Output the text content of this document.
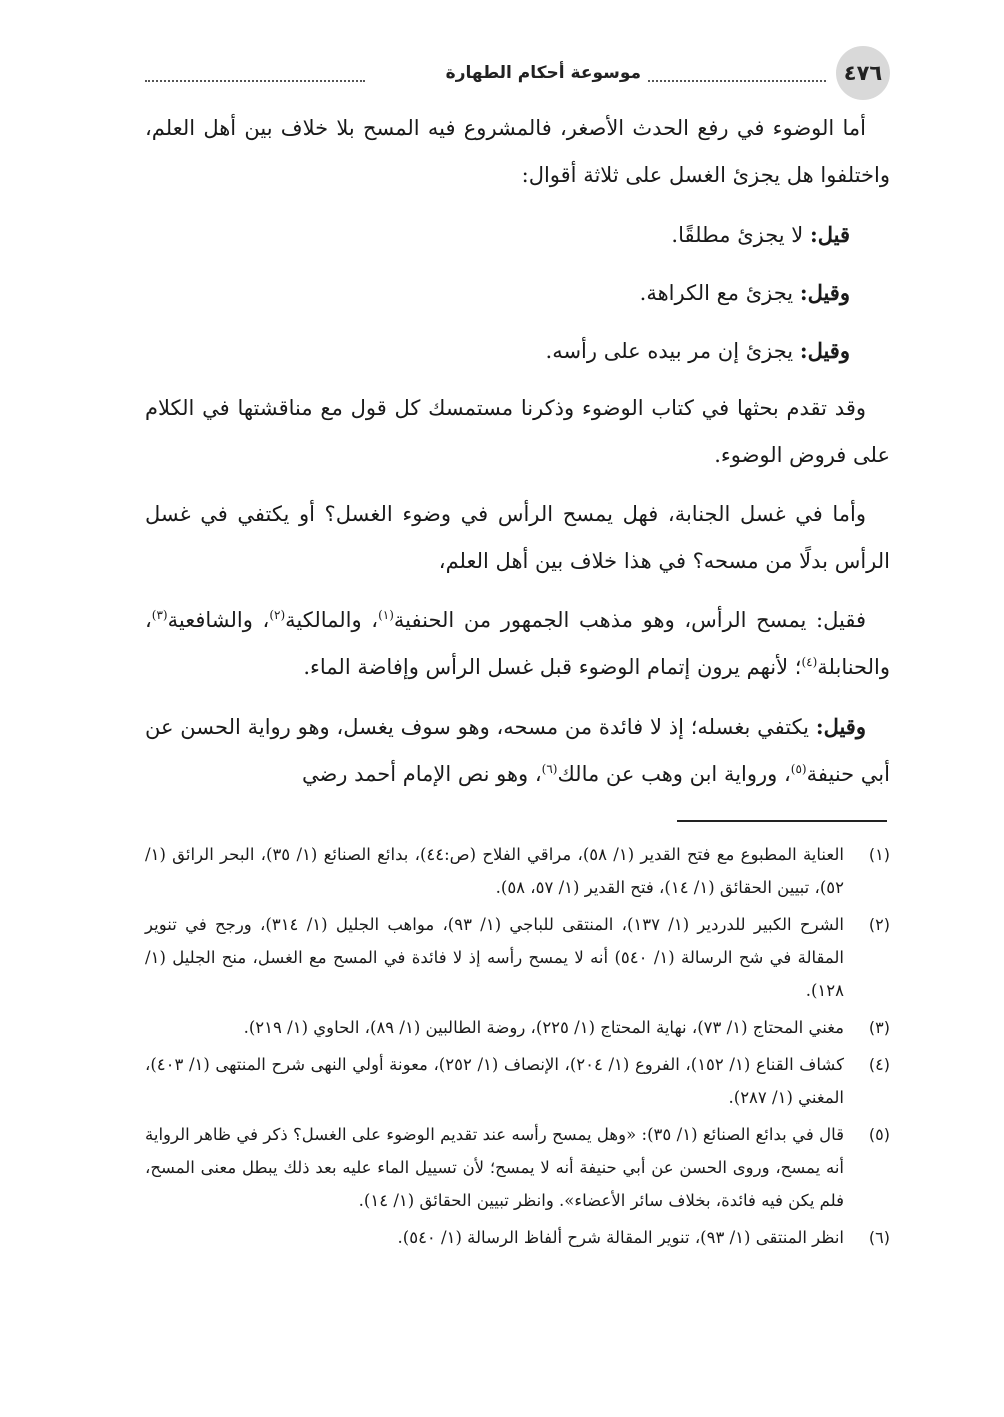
٤٧٦
موسوعة أحكام الطهارة

أما الوضوء في رفع الحدث الأصغر، فالمشروع فيه المسح بلا خلاف بين أهل العلم، واختلفوا هل يجزئ الغسل على ثلاثة أقوال:

قيل: لا يجزئ مطلقًا.

وقيل: يجزئ مع الكراهة.

وقيل: يجزئ إن مر بيده على رأسه.

وقد تقدم بحثها في كتاب الوضوء وذكرنا مستمسك كل قول مع مناقشتها في الكلام على فروض الوضوء.

وأما في غسل الجنابة، فهل يمسح الرأس في وضوء الغسل؟ أو يكتفي في غسل الرأس بدلًا من مسحه؟ في هذا خلاف بين أهل العلم،

فقيل: يمسح الرأس، وهو مذهب الجمهور من الحنفية$^{(١)}$، والمالكية$^{(٢)}$، والشافعية$^{(٣)}$، والحنابلة$^{(٤)}$؛ لأنهم يرون إتمام الوضوء قبل غسل الرأس وإفاضة الماء.

وقيل: يكتفي بغسله؛ إذ لا فائدة من مسحه، وهو سوف يغسل، وهو رواية الحسن عن أبي حنيفة$^{(٥)}$، ورواية ابن وهب عن مالك$^{(٦)}$، وهو نص الإمام أحمد رضي

(١)
العناية المطبوع مع فتح القدير (١/ ٥٨)، مراقي الفلاح (ص:٤٤)، بدائع الصنائع (١/ ٣٥)، البحر الرائق (١/ ٥٢)، تبيين الحقائق (١/ ١٤)، فتح القدير (١/ ٥٧، ٥٨).
(٢)
الشرح الكبير للدردير (١/ ١٣٧)، المنتقى للباجي (١/ ٩٣)، مواهب الجليل (١/ ٣١٤)، ورجح في تنوير المقالة في شح الرسالة (١/ ٥٤٠) أنه لا يمسح رأسه إذ لا فائدة في المسح مع الغسل، منح الجليل (١/ ١٢٨).
(٣)
مغني المحتاج (١/ ٧٣)، نهاية المحتاج (١/ ٢٢٥)، روضة الطالبين (١/ ٨٩)، الحاوي (١/ ٢١٩).
(٤)
كشاف القناع (١/ ١٥٢)، الفروع (١/ ٢٠٤)، الإنصاف (١/ ٢٥٢)، معونة أولي النهى شرح المنتهى (١/ ٤٠٣)، المغني (١/ ٢٨٧).
(٥)
قال في بدائع الصنائع (١/ ٣٥): «وهل يمسح رأسه عند تقديم الوضوء على الغسل؟ ذكر في ظاهر الرواية أنه يمسح، وروى الحسن عن أبي حنيفة أنه لا يمسح؛ لأن تسييل الماء عليه بعد ذلك يبطل معنى المسح، فلم يكن فيه فائدة، بخلاف سائر الأعضاء». وانظر تبيين الحقائق (١/ ١٤).
(٦)
انظر المنتقى (١/ ٩٣)، تنوير المقالة شرح ألفاظ الرسالة (١/ ٥٤٠).
